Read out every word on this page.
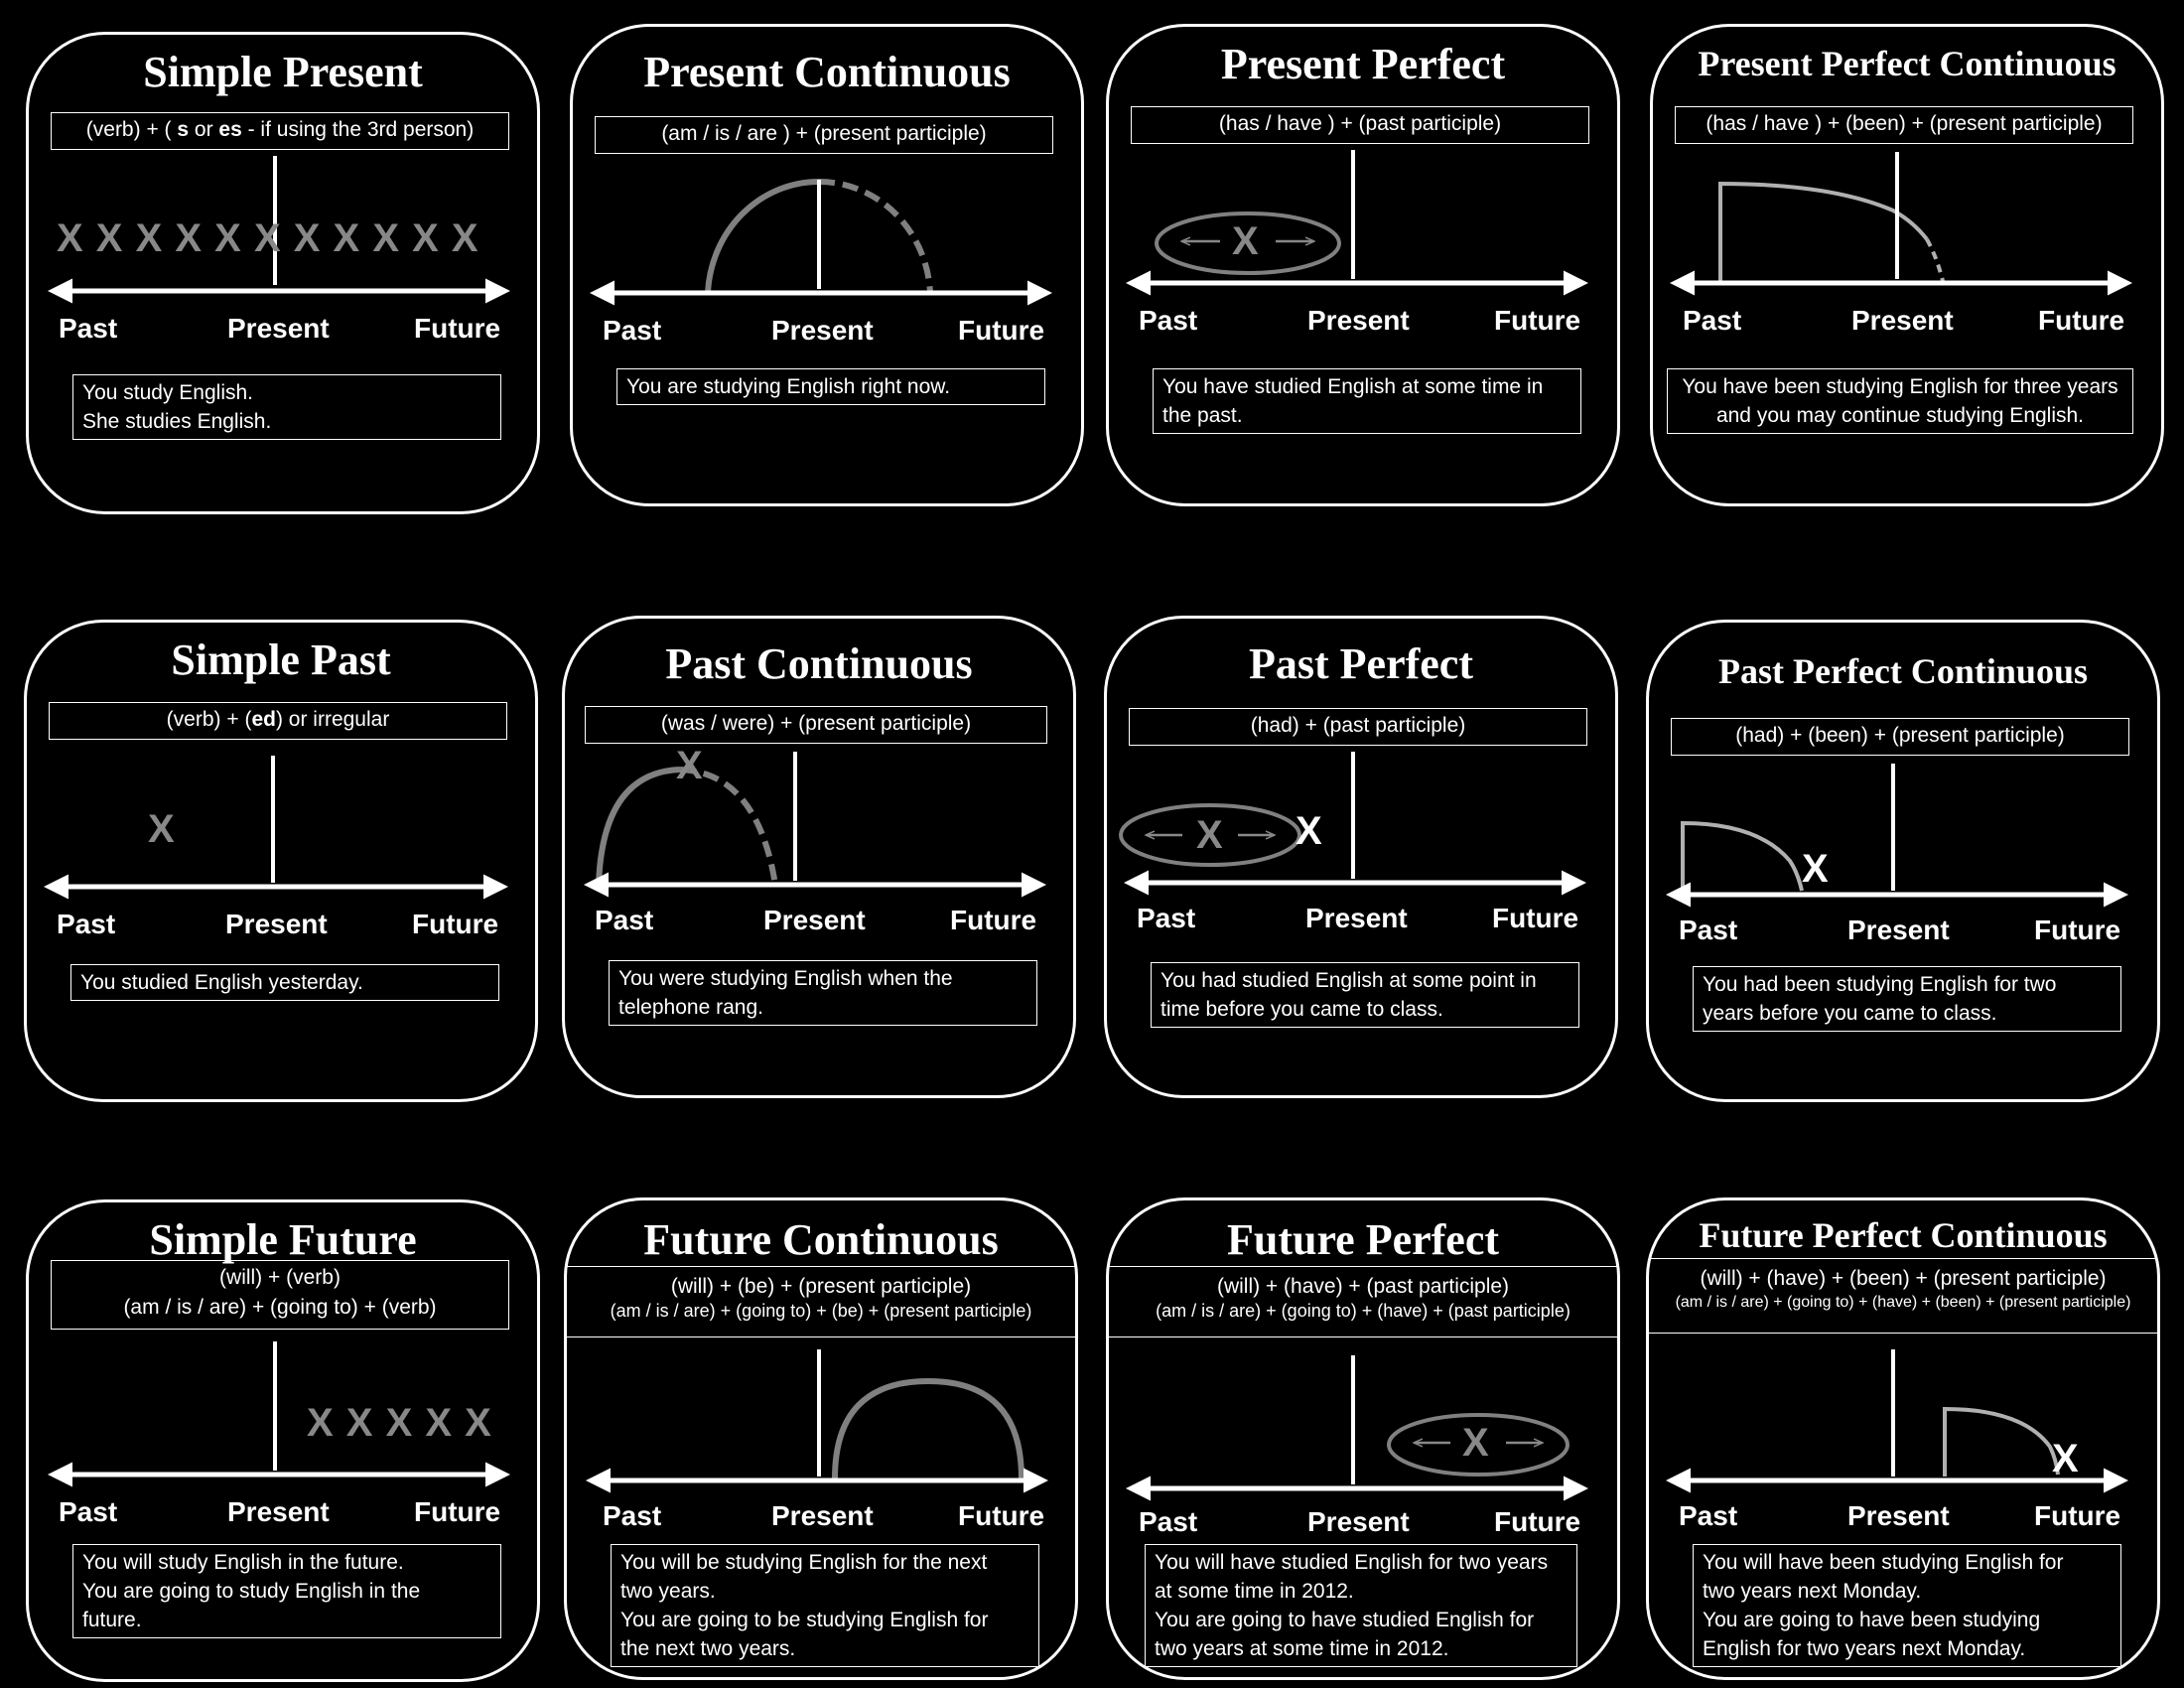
Simple Present
(verb) + ( s or es - if using the 3rd person)
X X X X X X X X X X X
Past	Present	Future
You study English.
She studies English.
Present Continuous
(am / is / are ) + (present participle)
Past	Present	Future
You are studying English right now.
Present Perfect
(has / have ) + (past participle)
X
Past	Present	Future
You have studied English at some time in
the past.
Present Perfect Continuous
(has / have ) + (been) + (present participle)
Past	Present	Future
You have been studying English for three years
and you may continue studying English.
Simple Past
(verb) + (ed) or irregular
X
Past	Present	Future
You studied English yesterday.
Past Continuous
(was / were) + (present participle)
X
Past	Present	Future
You were studying English when the
telephone rang.
Past Perfect
(had) + (past participle)
X X
Past	Present	Future
You had studied English at some point in
time before you came to class.
Past Perfect Continuous
(had) + (been) + (present participle)
X
Past	Present	Future
You had been studying English for two
years before you came to class.
Simple Future
(will) + (verb)
(am / is / are) + (going to) + (verb)
X X X X X
Past	Present	Future
You will study English in the future.
You are going to study English in the
future.
Future Continuous
(will) + (be) + (present participle)
(am / is / are) + (going to) + (be) + (present participle)
Past	Present	Future
You will be studying English for the next
two years.
You are going to be studying English for
the next two years.
Future Perfect
(will) + (have) + (past participle)
(am / is / are) + (going to) + (have) + (past participle)
X
Past	Present	Future
You will have studied English for two years
at some time in 2012.
You are going to have studied English for
two years at some time in 2012.
Future Perfect Continuous
(will) + (have) + (been) + (present participle)
(am / is / are) + (going to) + (have) + (been) + (present participle)
X
Past	Present	Future
You will have been studying English for
two years next Monday.
You are going to have been studying
English for two years next Monday.
